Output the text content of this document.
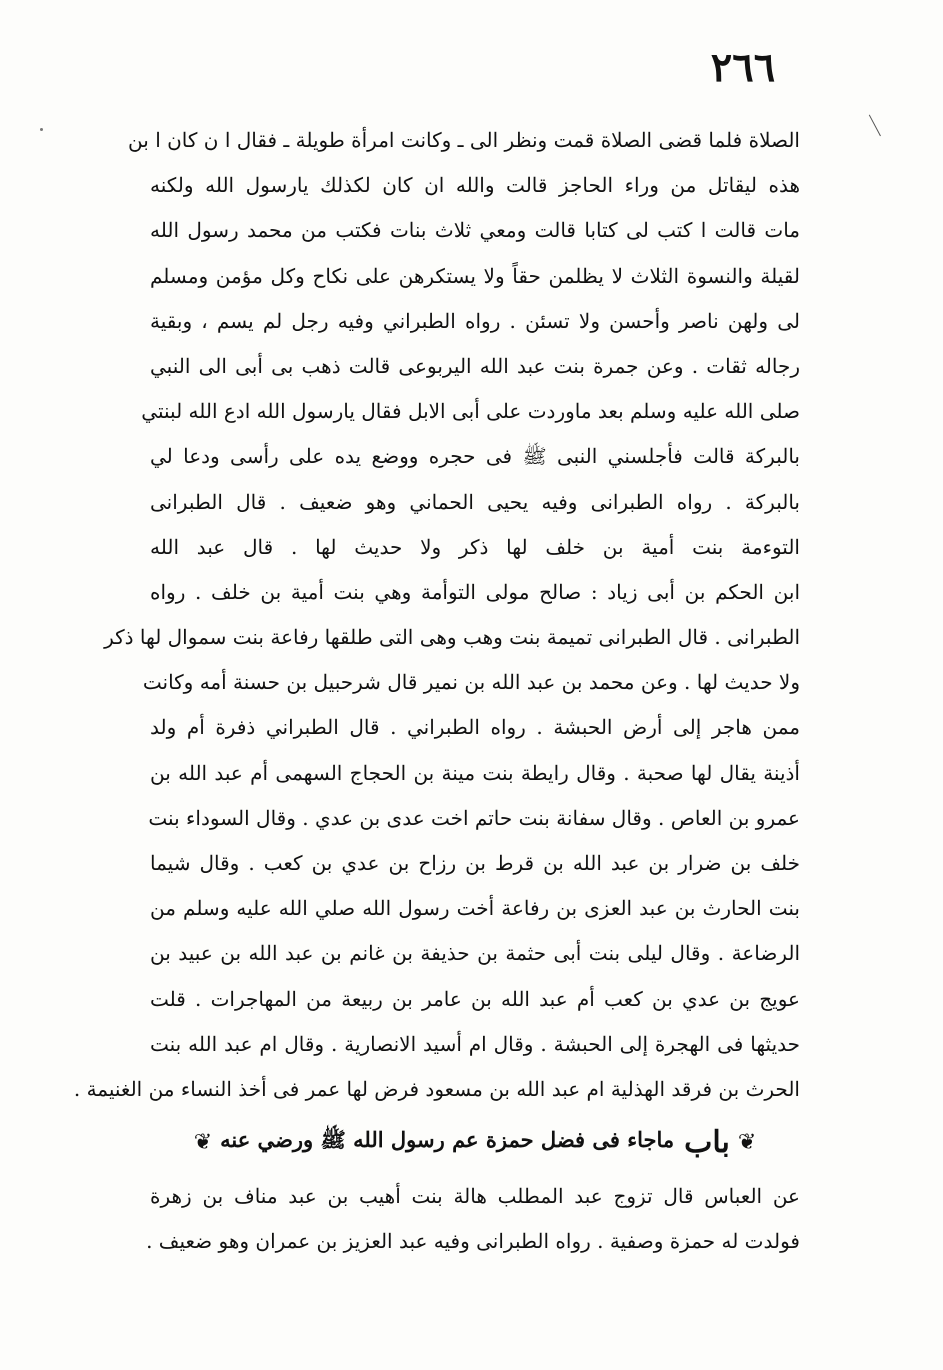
٢٦٦
الصلاة فلما قضى الصلاة قمت ونظر الى ـ وكانت امرأة طويلة ـ فقال ا ن كان ا بن
هذه ليقاتل من وراء الحاجز قالت والله ان كان لكذلك يارسول الله ولكنه
مات قالت ا كتب لى كتابا قالت ومعي ثلاث بنات فكتب من محمد رسول الله
لقيلة والنسوة الثلاث لا يظلمن حقاً ولا يستكرهن على نكاح وكل مؤمن ومسلم
لى ولهن ناصر وأحسن ولا تسئن . رواه الطبراني وفيه رجل لم يسم ، وبقية
رجاله ثقات . وعن جمرة بنت عبد الله اليربوعى قالت ذهب بى أبى الى النبي
صلى الله عليه وسلم بعد ماوردت على أبى الابل فقال يارسول الله ادع الله لبنتي
بالبركة قالت فأجلسني النبى ﷺ فى حجره ووضع يده على رأسى ودعا لي
بالبركة . رواه الطبرانى وفيه يحيى الحماني وهو ضعيف . قال الطبرانى
التوءمة بنت أمية بن خلف لها ذكر ولا حديث لها . قال عبد الله
ابن الحكم بن أبى زياد : صالح مولى التوأمة وهي بنت أمية بن خلف . رواه
الطبرانى . قال الطبرانى تميمة بنت وهب وهى التى طلقها رفاعة بنت سموال لها ذكر
ولا حديث لها . وعن محمد بن عبد الله بن نمير قال شرحبيل بن حسنة أمه وكانت
ممن هاجر إلى أرض الحبشة . رواه الطبراني . قال الطبراني ذفرة أم ولد
أذينة يقال لها صحبة . وقال رايطة بنت مينة بن الحجاج السهمى أم عبد الله بن
عمرو بن العاص . وقال سفانة بنت حاتم اخت عدى بن عدي . وقال السوداء بنت
خلف بن ضرار بن عبد الله بن قرط بن رزاح بن عدي بن كعب . وقال شيما
بنت الحارث بن عبد العزى بن رفاعة أخت رسول الله صلي الله عليه وسلم من
الرضاعة . وقال ليلى بنت أبى حثمة بن حذيفة بن غانم بن عبد الله بن عبيد بن
عويج بن عدي بن كعب أم عبد الله بن عامر بن ربيعة من المهاجرات . قلت
حديثها فى الهجرة إلى الحبشة . وقال ام أسيد الانصارية . وقال ام عبد الله بنت
الحرث بن فرقد الهذلية ام عبد الله بن مسعود فرض لها عمر فى أخذ النساء من الغنيمة .
❦
باب
ماجاء فى فضل حمزة عم رسول الله ﷺ ورضي عنه
❦
عن العباس قال تزوج عبد المطلب هالة بنت أهيب بن عبد مناف بن زهرة
فولدت له حمزة وصفية . رواه الطبرانى وفيه عبد العزيز بن عمران وهو ضعيف .
